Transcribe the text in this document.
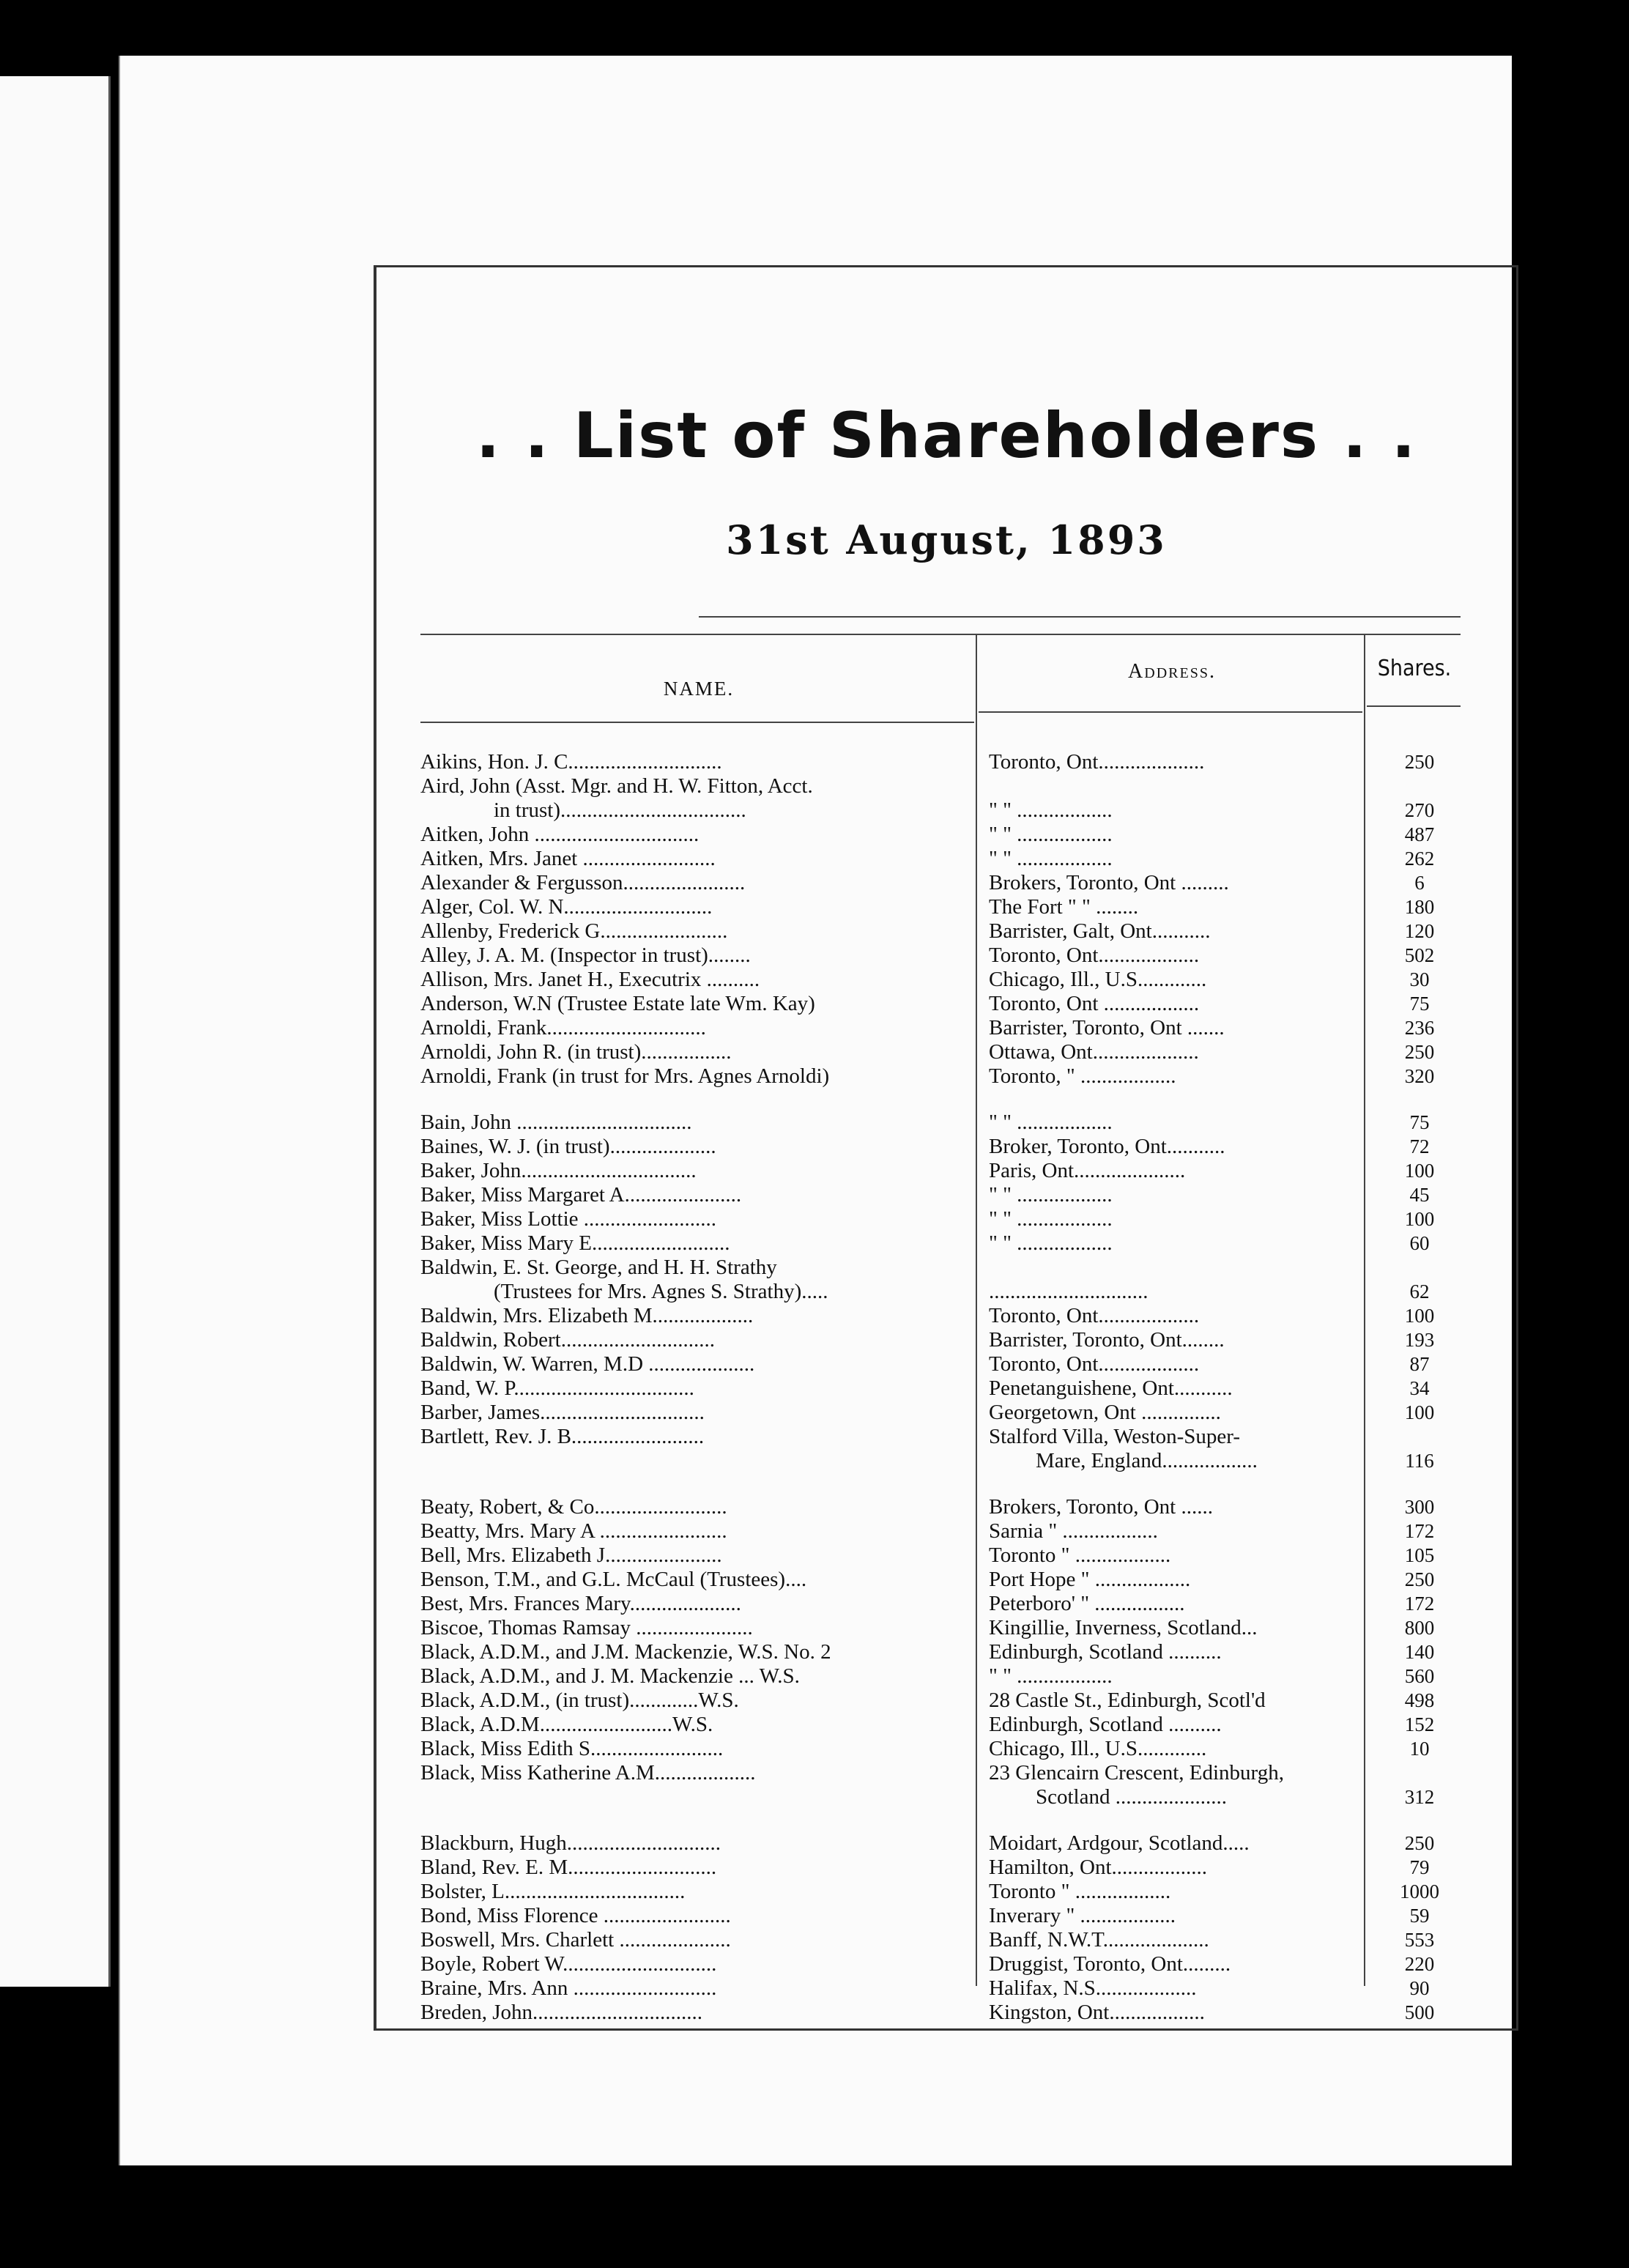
. . List of Shareholders . .
31st August, 1893
NAME.
Address.	Shares.
Aikins, Hon. J. C.............................	Toronto, Ont....................	250
Aird, John (Asst. Mgr. and H. W. Fitton, Acct.
in trust)...................................	" " ..................	270
Aitken, John ...............................	" " ..................	487
Aitken, Mrs. Janet .........................	" " ..................	262
Alexander & Fergusson.......................	Brokers, Toronto, Ont .........	6
Alger, Col. W. N............................	The Fort " " ........	180
Allenby, Frederick G........................	Barrister, Galt, Ont...........	120
Alley, J. A. M. (Inspector in trust)........	Toronto, Ont...................	502
Allison, Mrs. Janet H., Executrix ..........	Chicago, Ill., U.S.............	30
Anderson, W.N (Trustee Estate late Wm. Kay)	Toronto, Ont ..................	75
Arnoldi, Frank..............................	Barrister, Toronto, Ont .......	236
Arnoldi, John R. (in trust).................	Ottawa, Ont....................	250
Arnoldi, Frank (in trust for Mrs. Agnes Arnoldi)	Toronto, " ..................	320
Bain, John .................................	" " ..................	75
Baines, W. J. (in trust)....................	Broker, Toronto, Ont...........	72
Baker, John.................................	Paris, Ont.....................	100
Baker, Miss Margaret A......................	" " ..................	45
Baker, Miss Lottie .........................	" " ..................	100
Baker, Miss Mary E..........................	" " ..................	60
Baldwin, E. St. George, and H. H. Strathy
(Trustees for Mrs. Agnes S. Strathy).....	..............................	62
Baldwin, Mrs. Elizabeth M...................	Toronto, Ont...................	100
Baldwin, Robert.............................	Barrister, Toronto, Ont........	193
Baldwin, W. Warren, M.D ....................	Toronto, Ont...................	87
Band, W. P..................................	Penetanguishene, Ont...........	34
Barber, James...............................	Georgetown, Ont ...............	100
Bartlett, Rev. J. B.........................	Stalford Villa, Weston-Super-
Mare, England..................	116
Beaty, Robert, & Co.........................	Brokers, Toronto, Ont ......	300
Beatty, Mrs. Mary A ........................	Sarnia " ..................	172
Bell, Mrs. Elizabeth J......................	Toronto " ..................	105
Benson, T.M., and G.L. McCaul (Trustees)....	Port Hope " ..................	250
Best, Mrs. Frances Mary.....................	Peterboro' " .................	172
Biscoe, Thomas Ramsay ......................	Kingillie, Inverness, Scotland...	800
Black, A.D.M., and J.M. Mackenzie, W.S. No. 2	Edinburgh, Scotland ..........	140
Black, A.D.M., and J. M. Mackenzie ... W.S.	" " ..................	560
Black, A.D.M., (in trust).............W.S.	28 Castle St., Edinburgh, Scotl'd	498
Black, A.D.M.........................W.S.	Edinburgh, Scotland ..........	152
Black, Miss Edith S.........................	Chicago, Ill., U.S.............	10
Black, Miss Katherine A.M...................	23 Glencairn Crescent, Edinburgh,
Scotland .....................	312
Blackburn, Hugh.............................	Moidart, Ardgour, Scotland.....	250
Bland, Rev. E. M............................	Hamilton, Ont..................	79
Bolster, L..................................	Toronto " ..................	1000
Bond, Miss Florence ........................	Inverary " ..................	59
Boswell, Mrs. Charlett .....................	Banff, N.W.T....................	553
Boyle, Robert W.............................	Druggist, Toronto, Ont.........	220
Braine, Mrs. Ann ...........................	Halifax, N.S...................	90
Breden, John................................	Kingston, Ont..................	500
